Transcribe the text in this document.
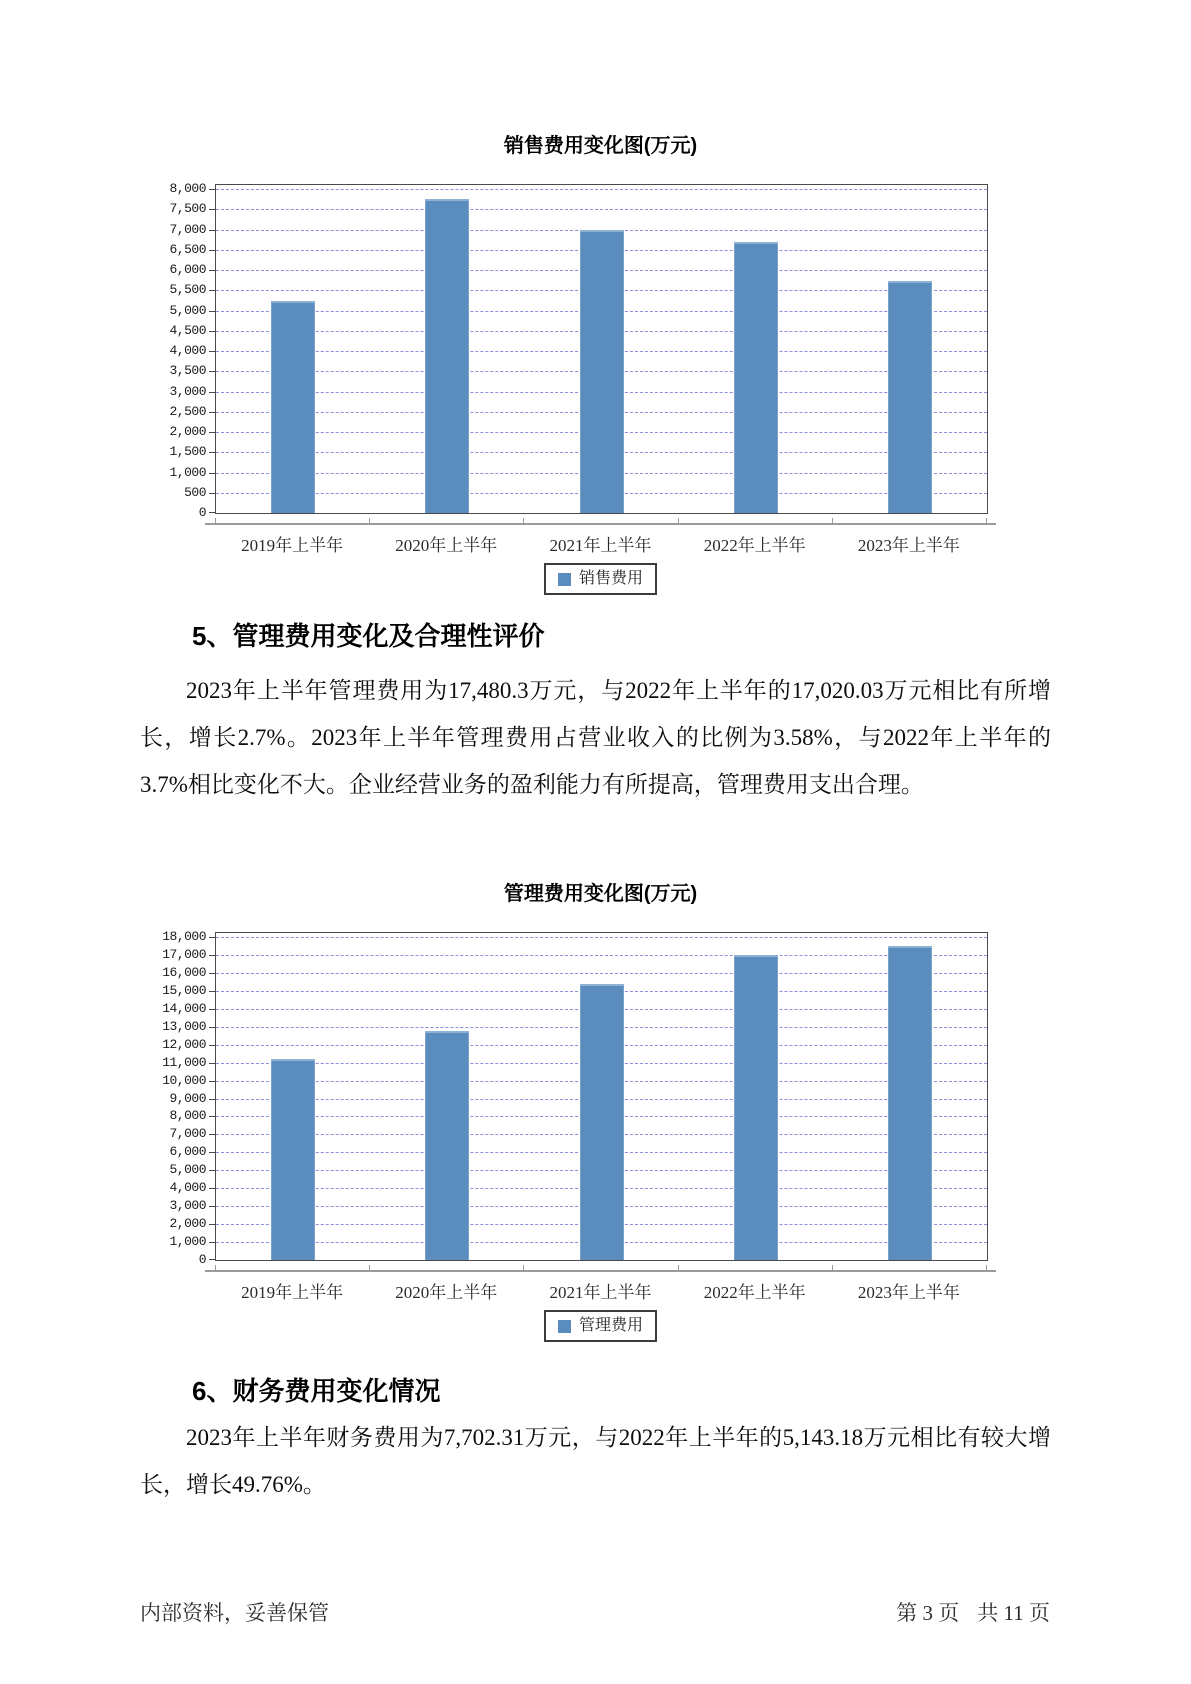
销售费用变化图(万元)
0
500
1,000
1,500
2,000
2,500
3,000
3,500
4,000
4,500
5,000
5,500
6,000
6,500
7,000
7,500
8,000
2019年上半年	2020年上半年	2021年上半年	2022年上半年	2023年上半年
销售费用
5、管理费用变化及合理性评价
2023年上半年管理费用为17,480.3万元，与2022年上半年的17,020.03万元相比有所增长，增长2.7%。2023年上半年管理费用占营业收入的比例为3.58%，与2022年上半年的3.7%相比变化不大。企业经营业务的盈利能力有所提高，管理费用支出合理。
管理费用变化图(万元)
0
1,000
2,000
3,000
4,000
5,000
6,000
7,000
8,000
9,000
10,000
11,000
12,000
13,000
14,000
15,000
16,000
17,000
18,000
2019年上半年	2020年上半年	2021年上半年	2022年上半年	2023年上半年
管理费用
6、财务费用变化情况
2023年上半年财务费用为7,702.31万元，与2022年上半年的5,143.18万元相比有较大增长，增长49.76%。
内部资料，妥善保管	第 3 页 共 11 页
